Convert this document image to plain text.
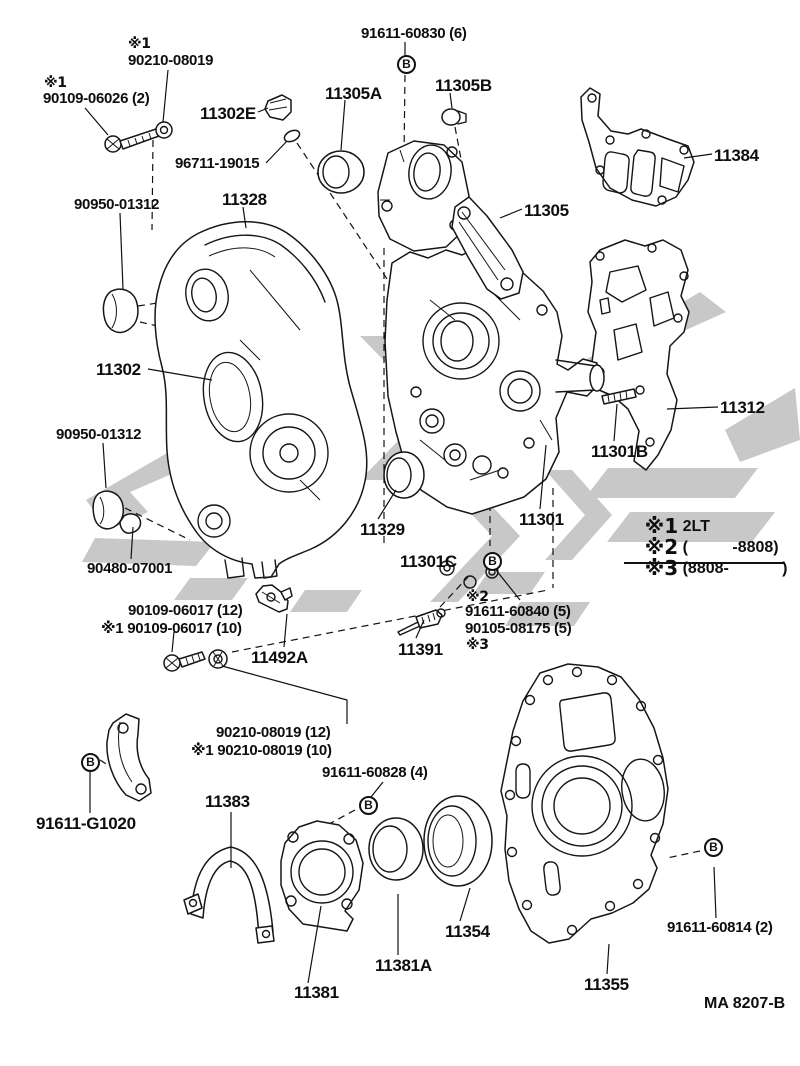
※1
90210-08019
※1
90109-06026 (2)
91611-60830 (6)
11305A	11305B
11302E
96711-19015	11384
90950-01312	11328
11305
11302
11312
90950-01312
11301B
11329
11301
11301C
90480-07001
90109-06017 (12)
※1 90109-06017 (10)
11492A
※2
91611-60840 (5)
90105-08175 (5)
※3
11391
90210-08019 (12)
※1 90210-08019 (10)
91611-60828 (4)
11383
91611-G1020
11381
11381A
11354
11355
91611-60814 (2)
B
B
B
B
B

※1 2LT

※2 (          -8808)

※3 (8808-            )

MA 8207-B
